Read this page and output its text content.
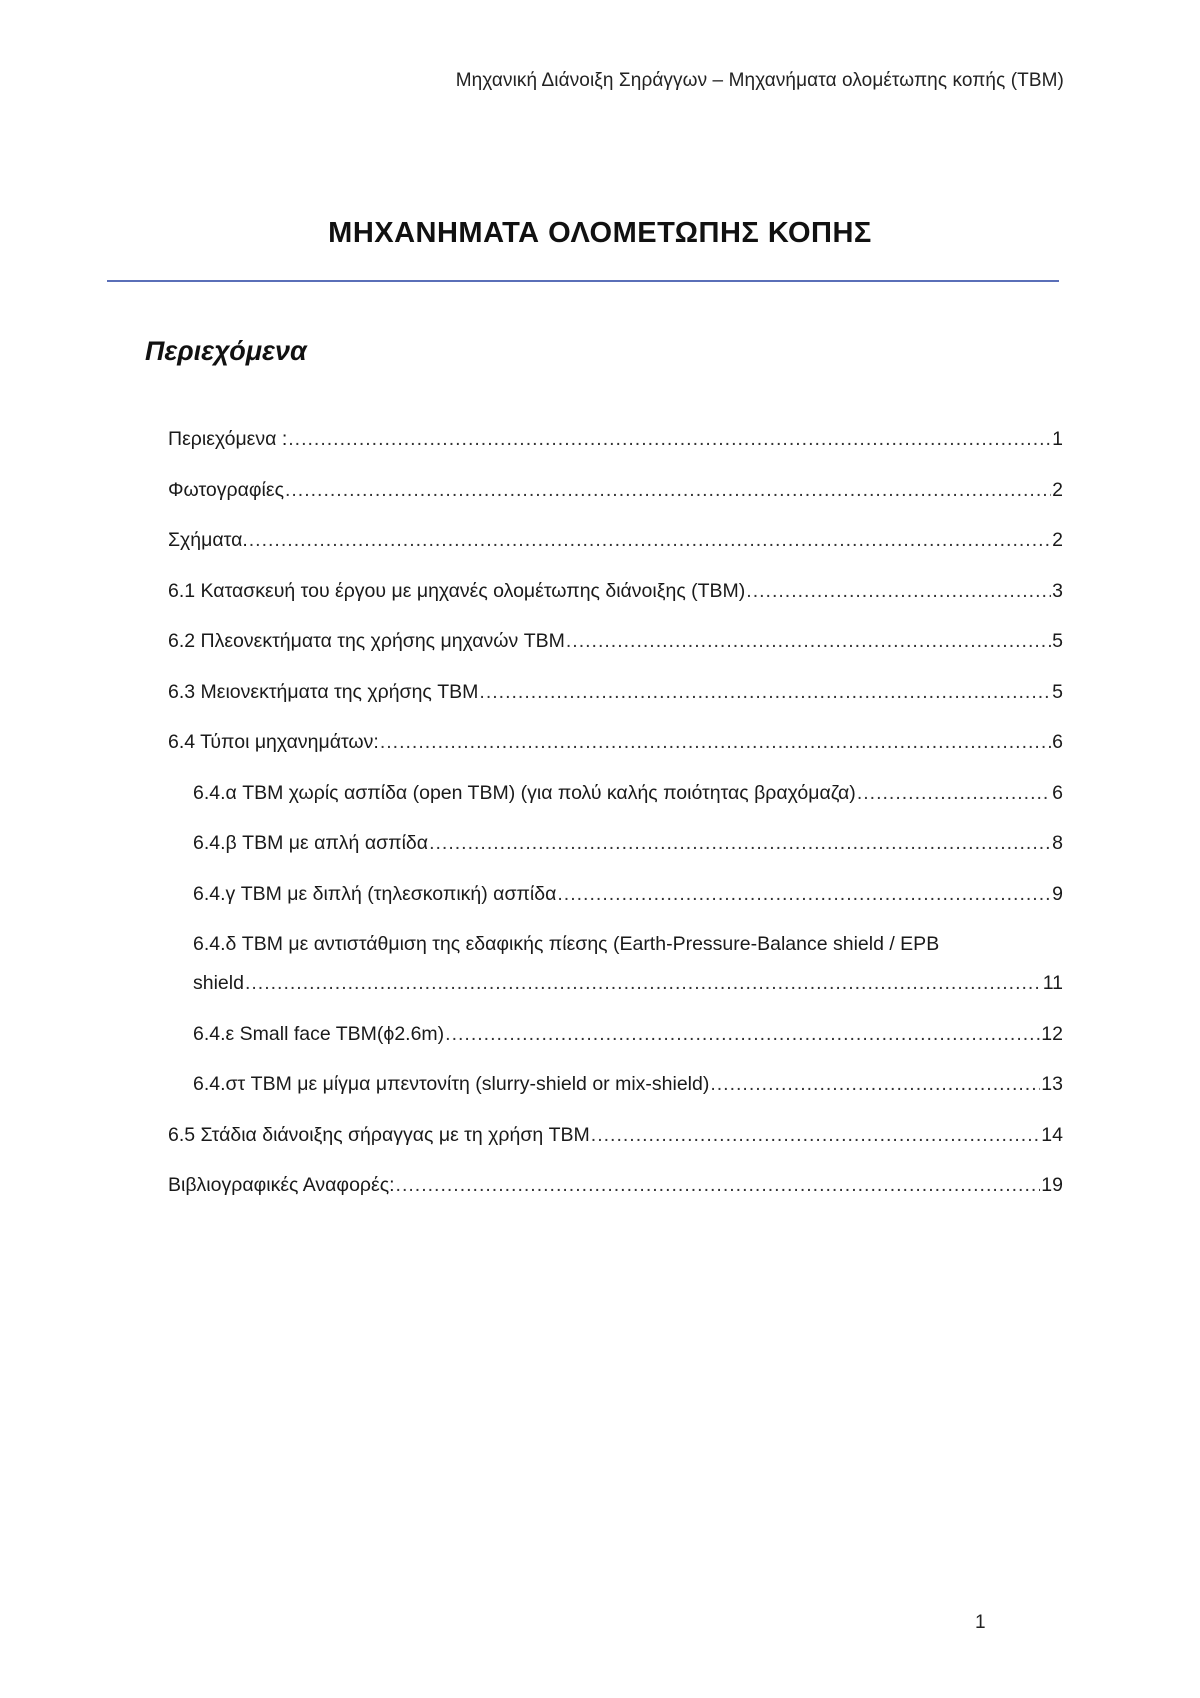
Μηχανική Διάνοιξη Σηράγγων – Μηχανήματα ολομέτωπης κοπής (TBM)
ΜΗΧΑΝΗΜΑΤΑ ΟΛΟΜΕΤΩΠΗΣ ΚΟΠΗΣ
Περιεχόμενα
Περιεχόμενα : .....	1
Φωτογραφίες .....	2
Σχήματα. .....	2
6.1 Κατασκευή του έργου με μηχανές ολομέτωπης διάνοιξης (TBM) .....	3
6.2 Πλεονεκτήματα της χρήσης μηχανών TBM .....	5
6.3 Μειονεκτήματα της χρήσης TBM .....	5
6.4 Τύποι μηχανημάτων: .....	6
6.4.α TBM χωρίς ασπίδα (open TBM) (για πολύ καλής ποιότητας βραχόμαζα) .....	6
6.4.β TBM με απλή ασπίδα .....	8
6.4.γ TBM με διπλή (τηλεσκοπική) ασπίδα .....	9
6.4.δ TBM με αντιστάθμιση της εδαφικής πίεσης (Earth-Pressure-Balance shield / EPB
shield .....	11
6.4.ε Small face TBM(ϕ2.6m) .....	12
6.4.στ TBM με μίγμα μπεντονίτη (slurry-shield or mix-shield) .....	13
6.5 Στάδια διάνοιξης σήραγγας με τη χρήση TBM .....	14
Βιβλιογραφικές Αναφορές: .....	19
1
